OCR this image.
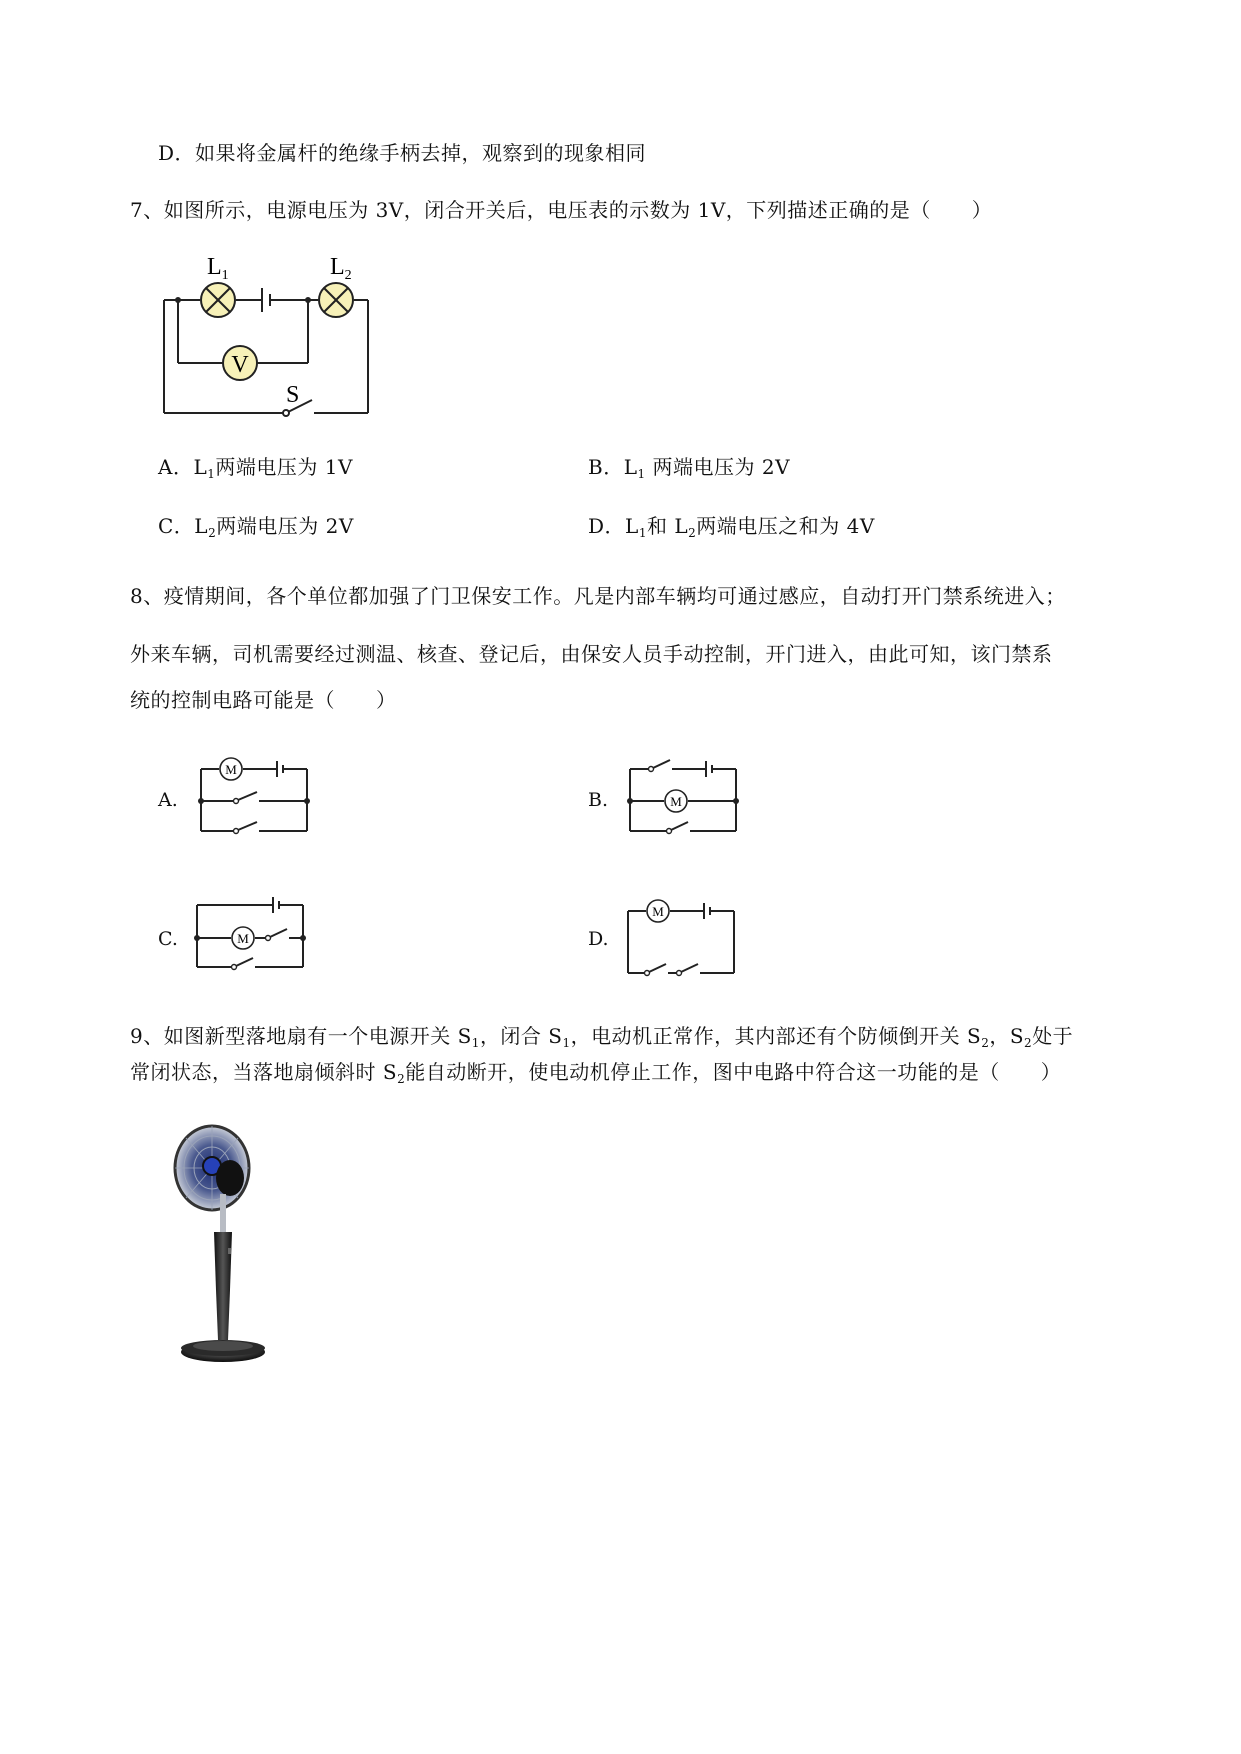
D．如果将金属杆的绝缘手柄去掉，观察到的现象相同
7、如图所示，电源电压为 3V，闭合开关后，电压表的示数为 1V，下列描述正确的是（　　）
V
S
$L_1$	$L_2$
A．$L_1$两端电压为 1V	B．$L_1$ 两端电压为 2V
C．$L_2$两端电压为 2V	D．$L_1$和 $L_2$两端电压之和为 4V
8、疫情期间，各个单位都加强了门卫保安工作。凡是内部车辆均可通过感应，自动打开门禁系统进入；
外来车辆，司机需要经过测温、核查、登记后，由保安人员手动控制，开门进入，由此可知，该门禁系
统的控制电路可能是（　　）
A.
M
B.	M
C.	M	D.
M
9、如图新型落地扇有一个电源开关 $S_1$，闭合 $S_1$，电动机正常作，其内部还有个防倾倒开关 $S_2$，$S_2$处于
常闭状态，当落地扇倾斜时 $S_2$能自动断开，使电动机停止工作，图中电路中符合这一功能的是（　　）
